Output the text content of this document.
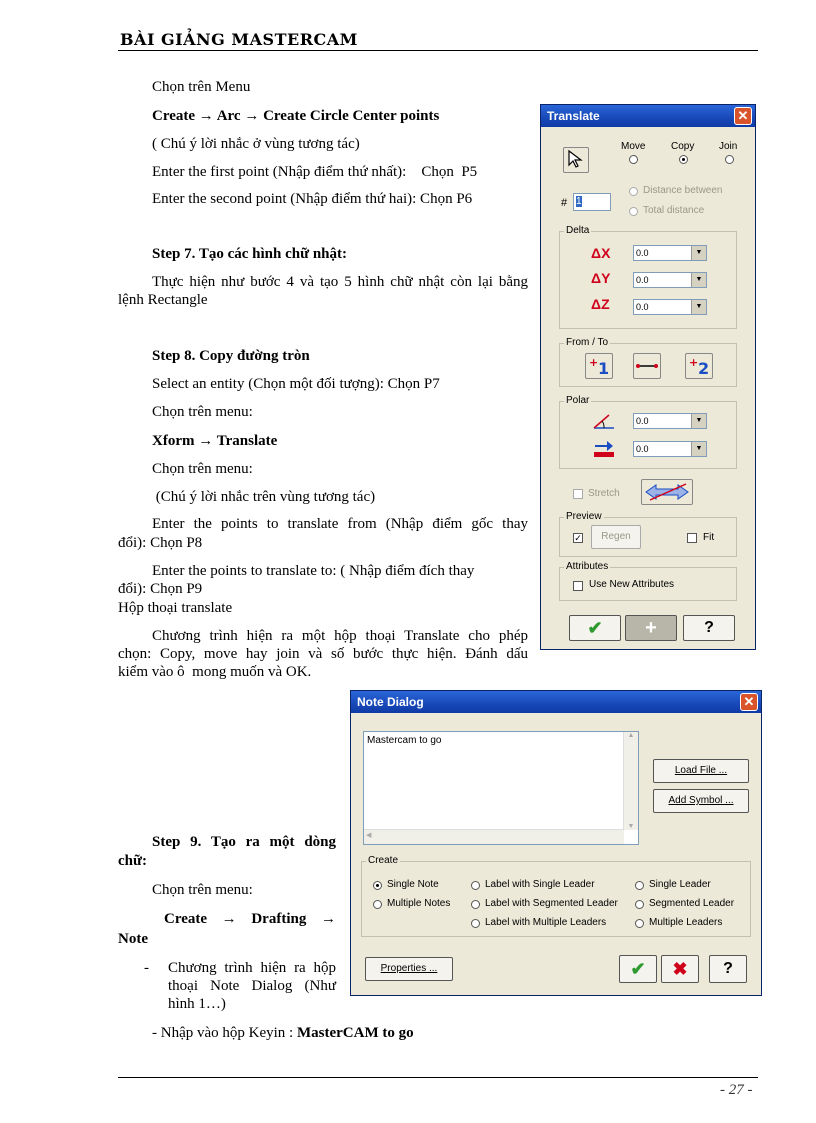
BÀI GIẢNG MASTERCAM
Chọn trên Menu
Create → Arc → Create Circle Center points
( Chú ý lời nhắc ở vùng tương tác)
Enter the first point (Nhập điểm thứ nhất):    Chọn  P5
Enter the second point (Nhập điểm thứ hai): Chọn P6
Step 7. Tạo các hình chữ nhật:
Thực hiện như bước 4 và tạo 5 hình chữ nhật còn lại bằng
lệnh Rectangle
Step 8. Copy đường tròn
Select an entity (Chọn một đối tượng): Chọn P7
Chọn trên menu:
Xform → Translate
Chọn trên menu:
(Chú ý lời nhắc trên vùng tương tác)
Enter the points to translate from (Nhập điểm gốc thay
đổi): Chọn P8
Enter the points to translate to: ( Nhập điểm đích thay
đổi): Chọn P9
Hộp thoại translate
Chương trình hiện ra một hộp thoại Translate cho phép
chọn: Copy, move hay join và số bước thực hiện. Đánh dấu
kiểm vào ô  mong muốn và OK.
Step 9. Tạo ra một dòng
chữ:
Chọn trên menu:
Create  →  Drafting  →
Note
- Chương trình hiện ra hộp
thoại Note Dialog (Như
hình 1…)
- Nhập vào hộp Keyin : MasterCAM to go
Translate	✕
Move	Copy Join
# 1
Distance between
Total distance
Delta
ΔX	0.0	▼
ΔY	0.0	▼
ΔZ	0.0	▼
From / To
+ 1	+ 2
Polar
0.0	▼
0.0	▼
Stretch
Preview
✓	Regen	Fit
Attributes
Use New Attributes
✔	+	?
Note Dialog	✕
Mastercam to go	▲
▼
◀
Load File ...
Add Symbol ...
Create
Single Note
Multiple Notes
Label with Single Leader
Label with Segmented Leader
Label with Multiple Leaders
Single Leader
Segmented Leader
Multiple Leaders
Properties ...	✔	✖	?
- 27 -
